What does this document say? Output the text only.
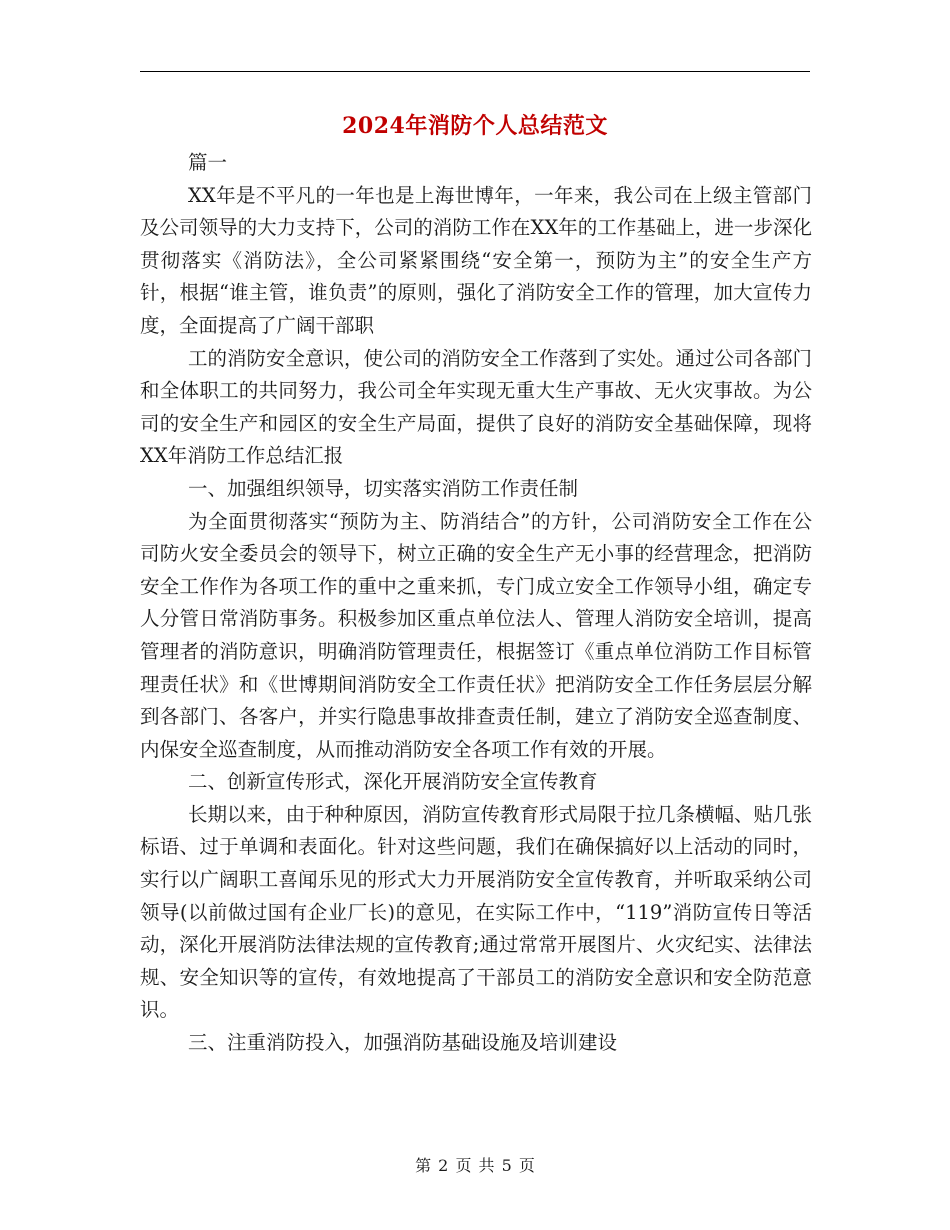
2024年消防个人总结范文

篇一

XX年是不平凡的一年也是上海世博年，一年来，我公司在上级主管部门及公司领导的大力支持下，公司的消防工作在XX年的工作基础上，进一步深化贯彻落实《消防法》，全公司紧紧围绕“安全第一，预防为主”的安全生产方针，根据“谁主管，谁负责”的原则，强化了消防安全工作的管理，加大宣传力度，全面提高了广阔干部职

工的消防安全意识，使公司的消防安全工作落到了实处。通过公司各部门和全体职工的共同努力，我公司全年实现无重大生产事故、无火灾事故。为公司的安全生产和园区的安全生产局面，提供了良好的消防安全基础保障，现将XX年消防工作总结汇报

一、加强组织领导，切实落实消防工作责任制

为全面贯彻落实“预防为主、防消结合”的方针，公司消防安全工作在公司防火安全委员会的领导下，树立正确的安全生产无小事的经营理念，把消防安全工作作为各项工作的重中之重来抓，专门成立安全工作领导小组，确定专人分管日常消防事务。积极参加区重点单位法人、管理人消防安全培训，提高管理者的消防意识，明确消防管理责任，根据签订《重点单位消防工作目标管理责任状》和《世博期间消防安全工作责任状》把消防安全工作任务层层分解到各部门、各客户，并实行隐患事故排查责任制，建立了消防安全巡查制度、内保安全巡查制度，从而推动消防安全各项工作有效的开展。

二、创新宣传形式，深化开展消防安全宣传教育

长期以来，由于种种原因，消防宣传教育形式局限于拉几条横幅、贴几张标语、过于单调和表面化。针对这些问题，我们在确保搞好以上活动的同时，实行以广阔职工喜闻乐见的形式大力开展消防安全宣传教育，并听取采纳公司领导(以前做过国有企业厂长)的意见，在实际工作中，“119”消防宣传日等活动，深化开展消防法律法规的宣传教育;通过常常开展图片、火灾纪实、法律法规、安全知识等的宣传，有效地提高了干部员工的消防安全意识和安全防范意识。

三、注重消防投入，加强消防基础设施及培训建设

第 2 页 共 5 页
